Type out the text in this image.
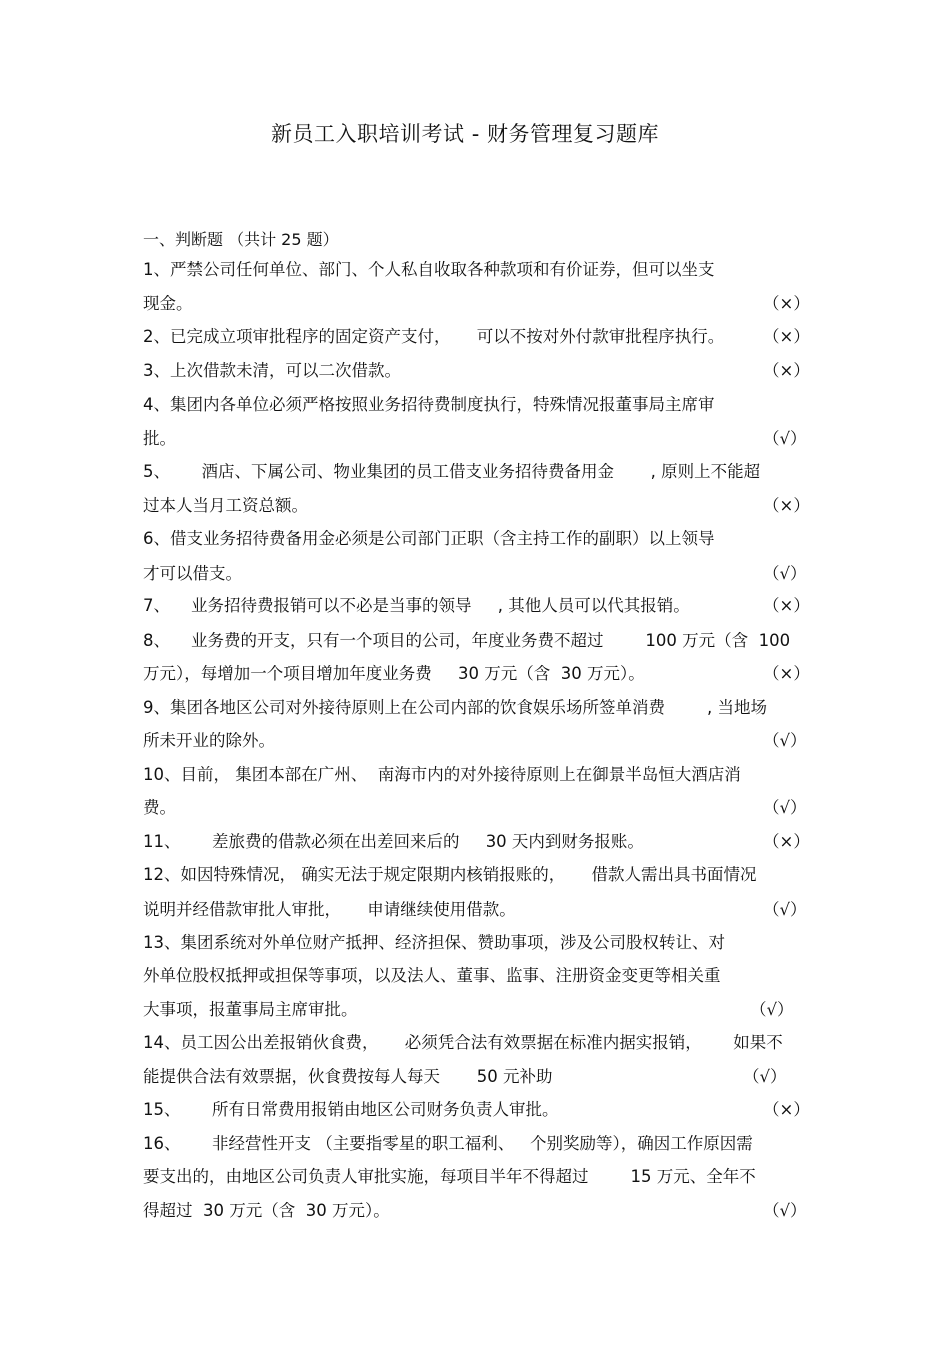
新员工入职培训考试 - 财务管理复习题库
一、判断题 （共计 25 题）
1、严禁公司任何单位、部门、个人私自收取各种款项和有价证券，但可以坐支
现金。
2、已完成立项审批程序的固定资产支付，     可以不按对外付款审批程序执行。
3、上次借款未清，可以二次借款。
4、集团内各单位必须严格按照业务招待费制度执行，特殊情况报董事局主席审
批。
5、      酒店、下属公司、物业集团的员工借支业务招待费备用金       , 原则上不能超
过本人当月工资总额。
6、借支业务招待费备用金必须是公司部门正职（含主持工作的副职）以上领导
才可以借支。
7、    业务招待费报销可以不必是当事的领导     , 其他人员可以代其报销。
8、    业务费的开支，只有一个项目的公司，年度业务费不超过        100 万元（含  100
万元），每增加一个项目增加年度业务费     30 万元（含  30 万元）。
9、集团各地区公司对外接待原则上在公司内部的饮食娱乐场所签单消费        , 当地场
所未开业的除外。
10、目前， 集团本部在广州、  南海市内的对外接待原则上在御景半岛恒大酒店消
费。
11、      差旅费的借款必须在出差回来后的     30 天内到财务报账。
12、如因特殊情况， 确实无法于规定限期内核销报账的，     借款人需出具书面情况
说明并经借款审批人审批，     申请继续使用借款。
13、集团系统对外单位财产抵押、经济担保、赞助事项，涉及公司股权转让、对
外单位股权抵押或担保等事项，以及法人、董事、监事、注册资金变更等相关重
大事项，报董事局主席审批。
14、员工因公出差报销伙食费，     必须凭合法有效票据在标准内据实报销，      如果不
能提供合法有效票据，伙食费按每人每天       50 元补助
15、      所有日常费用报销由地区公司财务负责人审批。
16、      非经营性开支 （主要指零星的职工福利、   个别奖励等），确因工作原因需
要支出的，由地区公司负责人审批实施，每项目半年不得超过        15 万元、全年不
得超过  30 万元（含  30 万元）。
（×）
（×）
（×）
（√）
（×）
（√）
（×）
（×）
（√）
（√）
（×）
（√）
（√）
（√）
（×）
（√）
